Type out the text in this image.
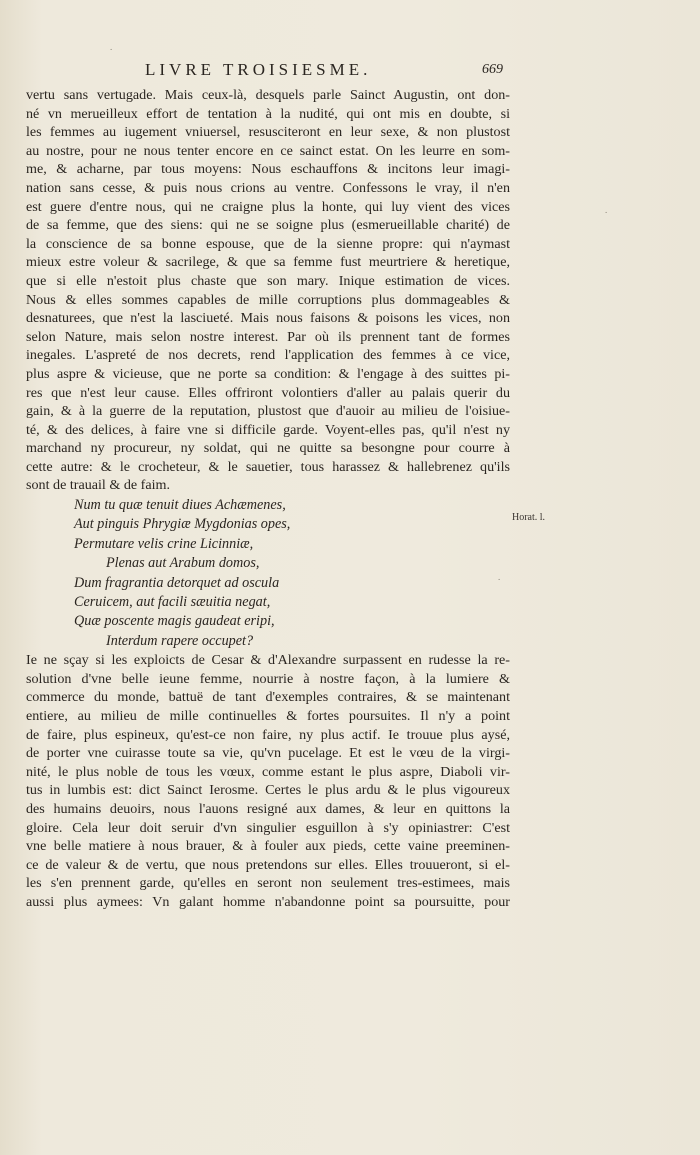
LIVRE TROISIESME.	669
Horat. l.
vertu sans vertugade. Mais ceux-là, desquels parle Sainct Augustin, ont don-
né vn merueilleux effort de tentation à la nudité, qui ont mis en doubte, si
les femmes au iugement vniuersel, resusciteront en leur sexe, & non plustost
au nostre, pour ne nous tenter encore en ce sainct estat. On les leurre en som-
me, & acharne, par tous moyens: Nous eschauffons & incitons leur imagi-
nation sans cesse, & puis nous crions au ventre. Confessons le vray, il n'en
est guere d'entre nous, qui ne craigne plus la honte, qui luy vient des vices
de sa femme, que des siens: qui ne se soigne plus (esmerueillable charité) de
la conscience de sa bonne espouse, que de la sienne propre: qui n'aymast
mieux estre voleur & sacrilege, & que sa femme fust meurtriere & heretique,
que si elle n'estoit plus chaste que son mary. Inique estimation de vices.
Nous & elles sommes capables de mille corruptions plus dommageables &
desnaturees, que n'est la lasciueté. Mais nous faisons & poisons les vices, non
selon Nature, mais selon nostre interest. Par où ils prennent tant de formes
inegales. L'aspreté de nos decrets, rend l'application des femmes à ce vice,
plus aspre & vicieuse, que ne porte sa condition: & l'engage à des suittes pi-
res que n'est leur cause. Elles offriront volontiers d'aller au palais querir du
gain, & à la guerre de la reputation, plustost que d'auoir au milieu de l'oisiue-
té, & des delices, à faire vne si difficile garde. Voyent-elles pas, qu'il n'est ny
marchand ny procureur, ny soldat, qui ne quitte sa besongne pour courre à
cette autre: & le crocheteur, & le sauetier, tous harassez & hallebrenez qu'ils
sont de trauail & de faim.
Num tu quæ tenuit diues Achæmenes,
Aut pinguis Phrygiæ Mygdonias opes,
Permutare velis crine Licinniæ,
Plenas aut Arabum domos,
Dum fragrantia detorquet ad oscula
Ceruicem, aut facili sæuitia negat,
Quæ poscente magis gaudeat eripi,
Interdum rapere occupet?
Ie ne sçay si les exploicts de Cesar & d'Alexandre surpassent en rudesse la re-
solution d'vne belle ieune femme, nourrie à nostre façon, à la lumiere &
commerce du monde, battuë de tant d'exemples contraires, & se maintenant
entiere, au milieu de mille continuelles & fortes poursuites. Il n'y a point
de faire, plus espineux, qu'est-ce non faire, ny plus actif. Ie trouue plus aysé,
de porter vne cuirasse toute sa vie, qu'vn pucelage. Et est le vœu de la virgi-
nité, le plus noble de tous les vœux, comme estant le plus aspre, Diaboli vir-
tus in lumbis est: dict Sainct Ierosme. Certes le plus ardu & le plus vigoureux
des humains deuoirs, nous l'auons resigné aux dames, & leur en quittons la
gloire. Cela leur doit seruir d'vn singulier esguillon à s'y opiniastrer: C'est
vne belle matiere à nous brauer, & à fouler aux pieds, cette vaine preeminen-
ce de valeur & de vertu, que nous pretendons sur elles. Elles trouueront, si el-
les s'en prennent garde, qu'elles en seront non seulement tres-estimees, mais
aussi plus aymees: Vn galant homme n'abandonne point sa poursuitte, pour
.
.
.
